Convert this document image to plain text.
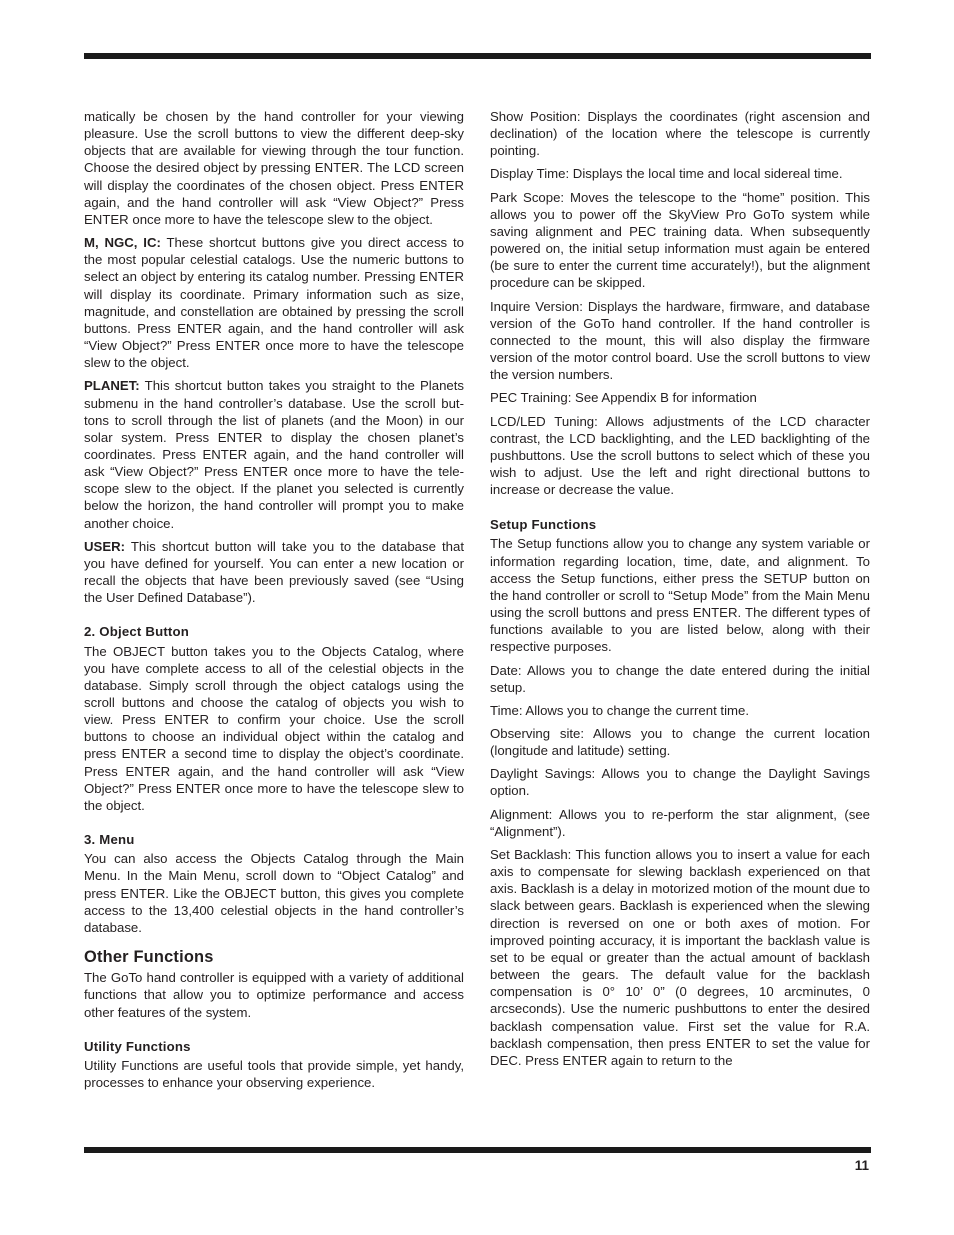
matically be chosen by the hand controller for your viewing pleasure. Use the scroll buttons to view the different deep-sky objects that are available for viewing through the tour function. Choose the desired object by pressing ENTER. The LCD screen will display the coordinates of the chosen object. Press ENTER again, and the hand controller will ask “View Object?” Press ENTER once more to have the telescope slew to the object.

M, NGC, IC: These shortcut buttons give you direct access to the most popular celestial catalogs. Use the numeric buttons to select an object by entering its catalog number. Pressing ENTER will display its coordinate. Primary information such as size, magnitude, and constellation are obtained by pressing the scroll buttons. Press ENTER again, and the hand controller will ask “View Object?” Press ENTER once more to have the telescope slew to the object.

PLANET: This shortcut button takes you straight to the Planets submenu in the hand controller’s database. Use the scroll buttons to scroll through the list of planets (and the Moon) in our solar system. Press ENTER to display the chosen planet’s coordinates. Press ENTER again, and the hand controller will ask “View Object?” Press ENTER once more to have the telescope slew to the object. If the planet you selected is currently below the horizon, the hand controller will prompt you to make another choice.

USER: This shortcut button will take you to the database that you have defined for yourself. You can enter a new location or recall the objects that have been previously saved (see “Using the User Defined Database”).

2. Object Button

The OBJECT button takes you to the Objects Catalog, where you have complete access to all of the celestial objects in the database. Simply scroll through the object catalogs using the scroll buttons and choose the catalog of objects you wish to view. Press ENTER to confirm your choice. Use the scroll buttons to choose an individual object within the catalog and press ENTER a second time to display the object’s coordinate. Press ENTER again, and the hand controller will ask “View Object?” Press ENTER once more to have the telescope slew to the object.

3. Menu

You can also access the Objects Catalog through the Main Menu. In the Main Menu, scroll down to “Object Catalog” and press ENTER. Like the OBJECT button, this gives you complete access to the 13,400 celestial objects in the hand controller’s database.

Other Functions

The GoTo hand controller is equipped with a variety of additional functions that allow you to optimize performance and access other features of the system.

Utility Functions

Utility Functions are useful tools that provide simple, yet handy, processes to enhance your observing experience.

Show Position: Displays the coordinates (right ascension and declination) of the location where the telescope is currently pointing.

Display Time: Displays the local time and local sidereal time.

Park Scope: Moves the telescope to the “home” position. This allows you to power off the SkyView Pro GoTo system while saving alignment and PEC training data. When subsequently powered on, the initial setup information must again be entered (be sure to enter the current time accurately!), but the alignment procedure can be skipped.

Inquire Version: Displays the hardware, firmware, and database version of the GoTo hand controller. If the hand controller is connected to the mount, this will also display the firmware version of the motor control board. Use the scroll buttons to view the version numbers.

PEC Training: See Appendix B for information

LCD/LED Tuning: Allows adjustments of the LCD character contrast, the LCD backlighting, and the LED backlighting of the pushbuttons. Use the scroll buttons to select which of these you wish to adjust. Use the left and right directional buttons to increase or decrease the value.

Setup Functions

The Setup functions allow you to change any system variable or information regarding location, time, date, and alignment. To access the Setup functions, either press the SETUP button on the hand controller or scroll to “Setup Mode” from the Main Menu using the scroll buttons and press ENTER. The different types of functions available to you are listed below, along with their respective purposes.

Date: Allows you to change the date entered during the initial setup.

Time: Allows you to change the current time.

Observing site: Allows you to change the current location (longitude and latitude) setting.

Daylight Savings: Allows you to change the Daylight Savings option.

Alignment: Allows you to re-perform the star alignment, (see “Alignment”).

Set Backlash: This function allows you to insert a value for each axis to compensate for slewing backlash experienced on that axis. Backlash is a delay in motorized motion of the mount due to slack between gears. Backlash is experienced when the slewing direction is reversed on one or both axes of motion. For improved pointing accuracy, it is important the backlash value is set to be equal or greater than the actual amount of backlash between the gears. The default value for the backlash compensation is 0° 10’ 0” (0 degrees, 10 arcminutes, 0 arcseconds). Use the numeric pushbuttons to enter the desired backlash compensation value. First set the value for R.A. backlash compensation, then press ENTER to set the value for DEC. Press ENTER again to return to the

11
